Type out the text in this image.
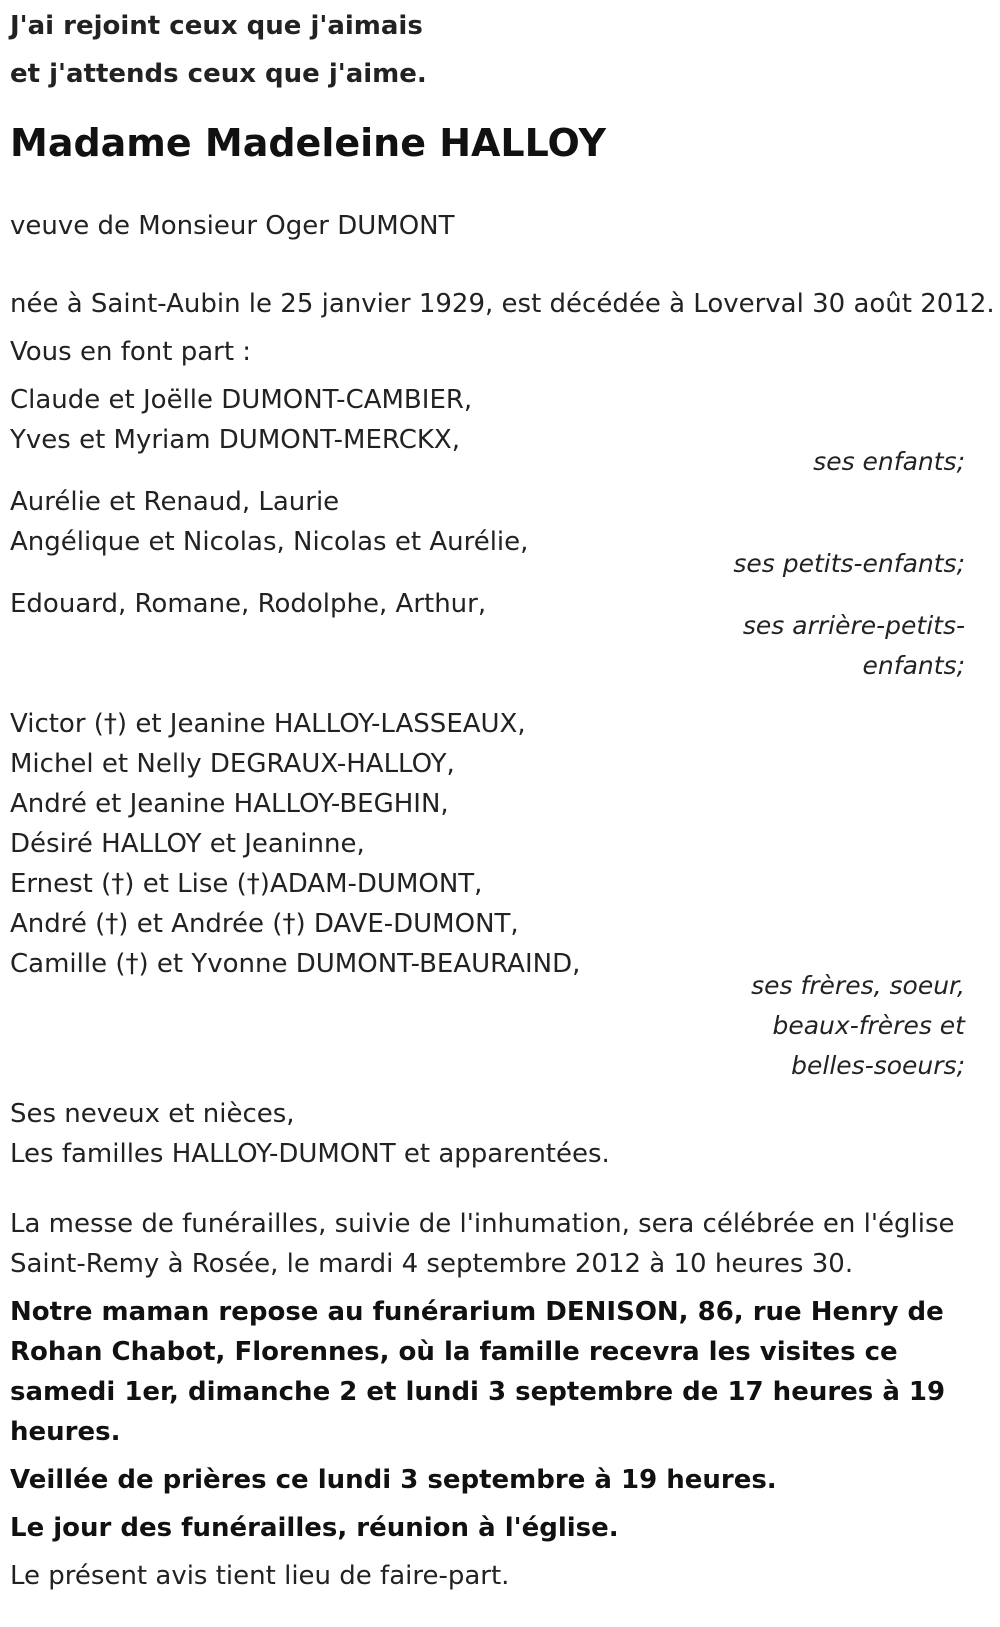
J'ai rejoint ceux que j'aimais
et j'attends ceux que j'aime.
Madame Madeleine HALLOY

veuve de Monsieur Oger DUMONT

née à Saint-Aubin le 25 janvier 1929, est décédée à Loverval 30 août 2012.

Vous en font part :

Claude et Joëlle DUMONT-CAMBIER,
Yves et Myriam DUMONT-MERCKX,
ses enfants;
Aurélie et Renaud, Laurie
Angélique et Nicolas, Nicolas et Aurélie,
ses petits-enfants;
Edouard, Romane, Rodolphe, Arthur,
ses arrière-petits-enfants;
Victor (†) et Jeanine HALLOY-LASSEAUX,
Michel et Nelly DEGRAUX-HALLOY,
André et Jeanine HALLOY-BEGHIN,
Désiré HALLOY et Jeaninne,
Ernest (†) et Lise (†)ADAM-DUMONT,
André (†) et Andrée (†) DAVE-DUMONT,
Camille (†) et Yvonne DUMONT-BEAURAIND,
ses frères, soeur, beaux-frères et belles-soeurs;
Ses neveux et nièces,
Les familles HALLOY-DUMONT et apparentées.

La messe de funérailles, suivie de l'inhumation, sera célébrée en l'église Saint-Remy à Rosée, le mardi 4 septembre 2012 à 10 heures 30.

Notre maman repose au funérarium DENISON, 86, rue Henry de Rohan Chabot, Florennes, où la famille recevra les visites ce samedi 1er, dimanche 2 et lundi 3 septembre de 17 heures à 19 heures.

Veillée de prières ce lundi 3 septembre à 19 heures.

Le jour des funérailles, réunion à l'église.

Le présent avis tient lieu de faire-part.
